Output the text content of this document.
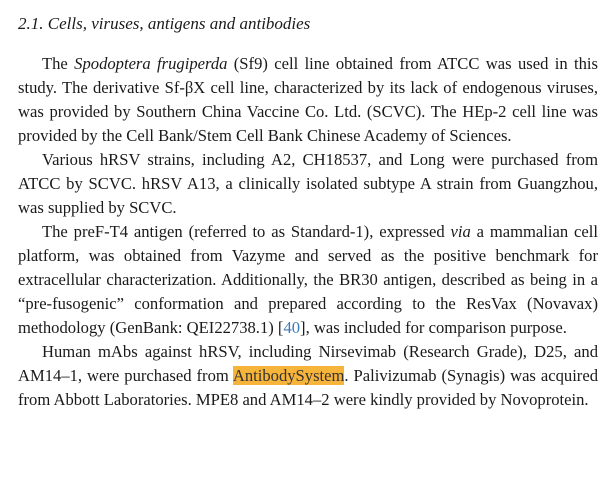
2.1. Cells, viruses, antigens and antibodies

The Spodoptera frugiperda (Sf9) cell line obtained from ATCC was used in this study. The derivative Sf-βX cell line, characterized by its lack of endogenous viruses, was provided by Southern China Vaccine Co. Ltd. (SCVC). The HEp-2 cell line was provided by the Cell Bank/Stem Cell Bank Chinese Academy of Sciences.

Various hRSV strains, including A2, CH18537, and Long were purchased from ATCC by SCVC. hRSV A13, a clinically isolated subtype A strain from Guangzhou, was supplied by SCVC.

The preF-T4 antigen (referred to as Standard-1), expressed via a mammalian cell platform, was obtained from Vazyme and served as the positive benchmark for extracellular characterization. Additionally, the BR30 antigen, described as being in a “pre-fusogenic” conformation and prepared according to the ResVax (Novavax) methodology (GenBank: QEI22738.1) [40], was included for comparison purpose.

Human mAbs against hRSV, including Nirsevimab (Research Grade), D25, and AM14–1, were purchased from AntibodySystem. Palivizumab (Synagis) was acquired from Abbott Laboratories. MPE8 and AM14–2 were kindly provided by Novoprotein.
